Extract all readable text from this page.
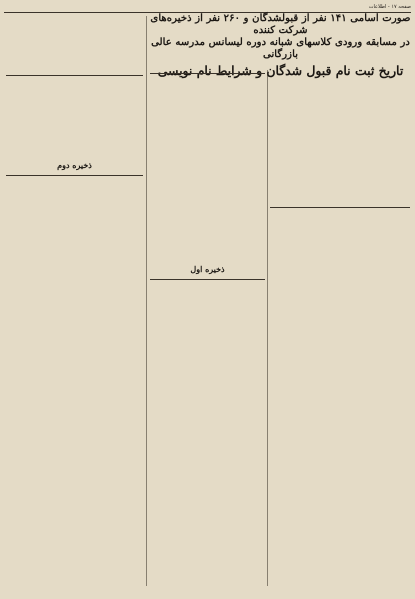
صفحه ۱۷ - اطلاعات

صورت اسامی ۱۴۱ نفر از قبولشدگان و ۲۶۰ نفر از ذخیره‌های شرکت کننده

در مسابقه ورودی کلاسهای شبانه دوره لیسانس مدرسه عالی بازرگانی

تاریخ ثبت نام قبول شدگان و شرایط نام نویسی

ذخیره دوم
ذخیره اول
